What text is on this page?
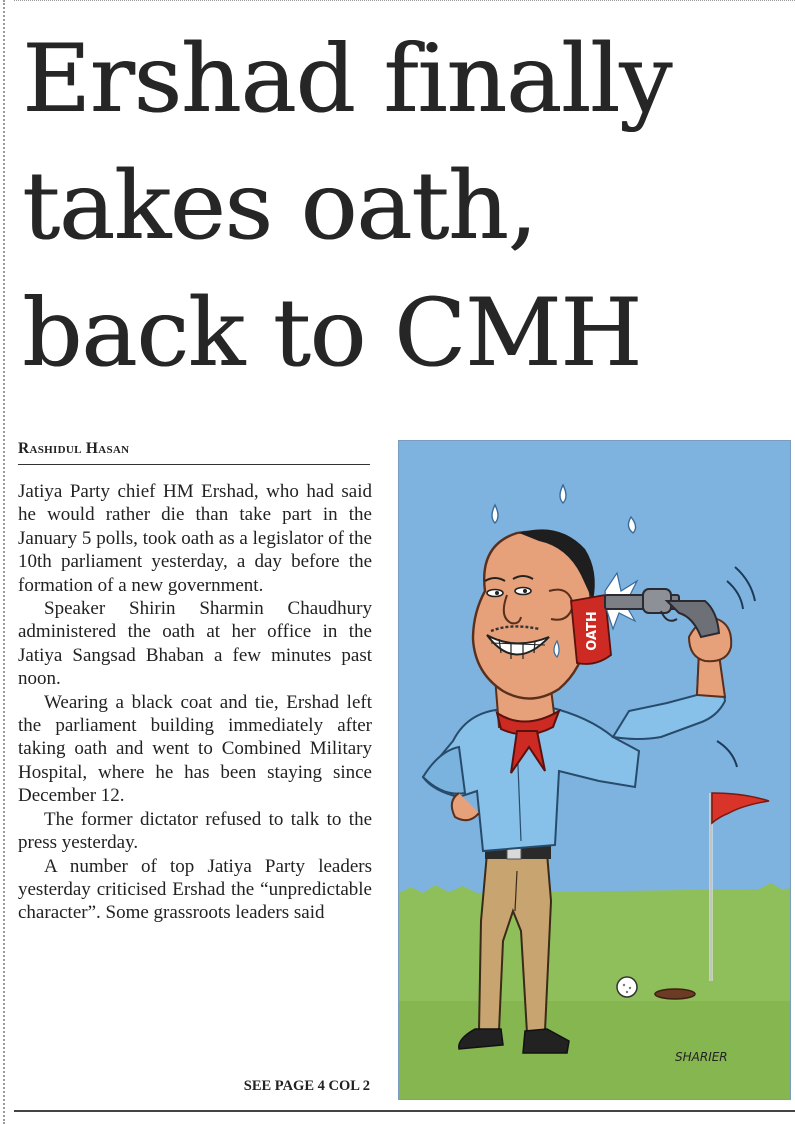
Ershad finally
takes oath,
back to CMH
Rashidul Hasan

Jatiya Party chief HM Ershad, who had said he would rather die than take part in the January 5 polls, took oath as a legislator of the 10th parliament yesterday, a day before the formation of a new government.

Speaker Shirin Sharmin Chaudhury administered the oath at her office in the Jatiya Sangsad Bhaban a few minutes past noon.

Wearing a black coat and tie, Ershad left the parliament building immediately after taking oath and went to Combined Military Hospital, where he has been staying since December 12.

The former dictator refused to talk to the press yesterday.

A number of top Jatiya Party leaders yesterday criticised Ershad the “unpredictable character”. Some grassroots leaders said

SEE PAGE 4 COL 2
OATH
SHARIER
